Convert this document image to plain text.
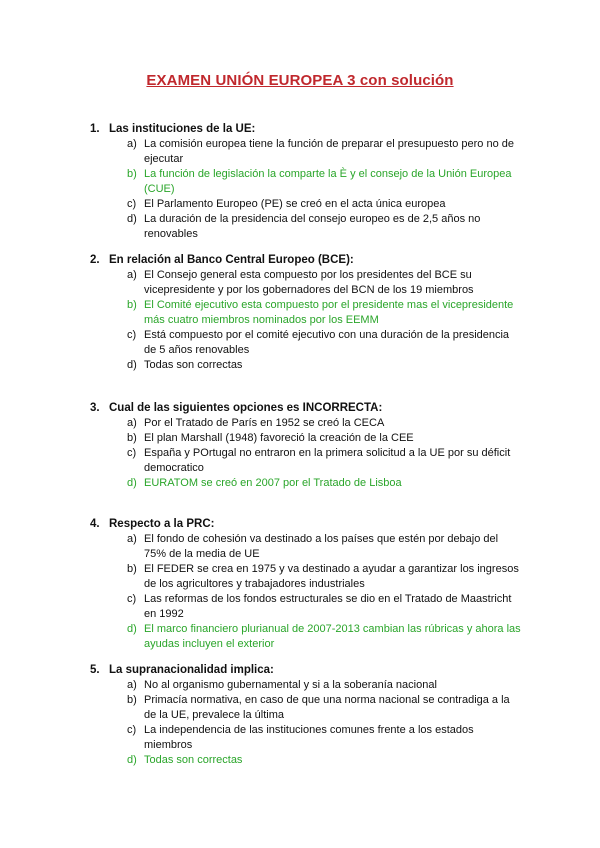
EXAMEN UNIÓN EUROPEA 3 con solución
1. Las instituciones de la UE:
a) La comisión europea tiene la función de preparar el presupuesto pero no de ejecutar
b) La función de legislación la comparte la È y el consejo de la Unión Europea (CUE)
c) El Parlamento Europeo (PE) se creó en el acta única europea
d) La duración de la presidencia del consejo europeo es de 2,5 años no renovables
2. En relación al Banco Central Europeo (BCE):
a) El Consejo general esta compuesto por los presidentes del BCE su vicepresidente y por los gobernadores del BCN de los 19 miembros
b) El Comité ejecutivo esta compuesto por el presidente mas el vicepresidente más cuatro miembros nominados por los EEMM
c) Está compuesto por el comité ejecutivo con una duración de la presidencia de 5 años renovables
d) Todas son correctas
3. Cual de las siguientes opciones es INCORRECTA:
a) Por el Tratado de París en 1952 se creó la CECA
b) El plan Marshall (1948) favoreció la creación de la CEE
c) España y POrtugal no entraron en la primera solicitud a la UE por su déficit democratico
d) EURATOM se creó en 2007 por el Tratado de Lisboa
4. Respecto a la PRC:
a) El fondo de cohesión va destinado a los países que estén por debajo del 75% de la media de UE
b) El FEDER se crea en 1975 y va destinado a ayudar a garantizar los ingresos de los agricultores y trabajadores industriales
c) Las reformas de los fondos estructurales se dio en el Tratado de Maastricht en 1992
d) El marco financiero plurianual de 2007-2013 cambian las rúbricas y ahora las ayudas incluyen el exterior
5. La supranacionalidad implica:
a) No al organismo gubernamental y si a la soberanía nacional
b) Primacía normativa, en caso de que una norma nacional se contradiga a la de la UE, prevalece la última
c) La independencia de las instituciones comunes frente a los estados miembros
d) Todas son correctas
